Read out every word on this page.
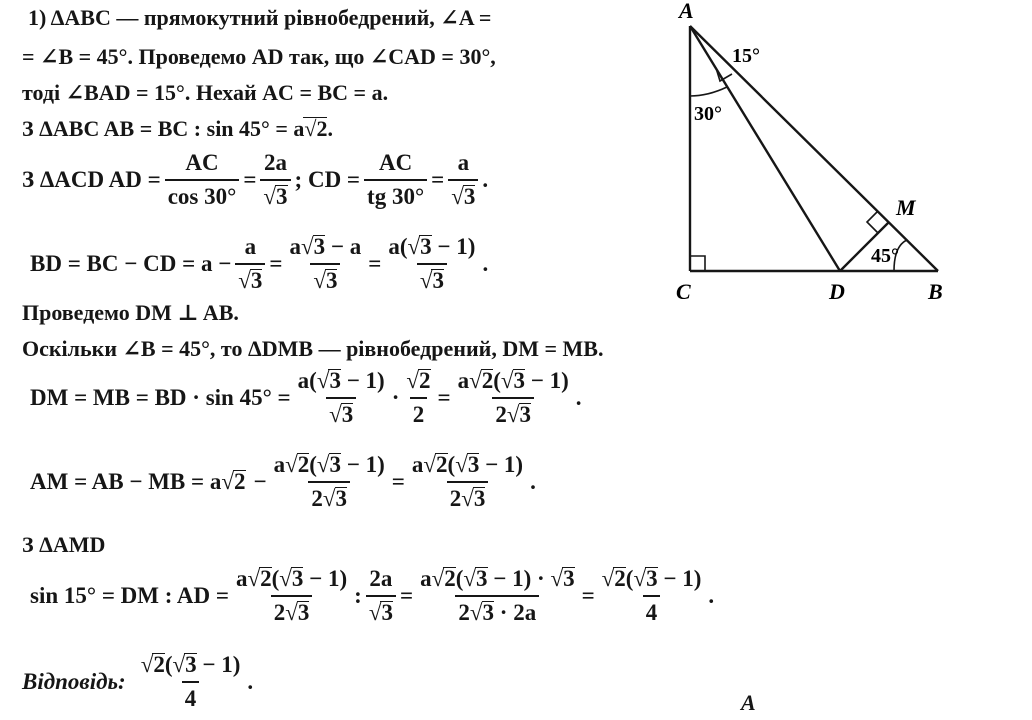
1) ΔABC — прямокутний рівнобедрений, ∠A =
= ∠B = 45°. Проведемо AD так, що ∠CAD = 30°,
тоді ∠BAD = 15°. Нехай AC = BC = a.
З ΔABC AB = BC : sin 45° = a√2.
З ΔACD AD = $\frac{AC}{\cos 30^\circ} = \frac{2a}{√3}$ ; CD = $\frac{AC}{tg 30^\circ} = \frac{a}{√3}$ .
BD = BC − CD = $a - \frac{a}{√3} = \frac{a√3 - a}{√3} = \frac{a(√3 - 1)}{√3}$ .
Проведемо DM ⊥ AB.
Оскільки ∠B = 45°, то ΔDMB — рівнобедрений, DM = MB.
DM = MB = BD · $\sin 45^\circ = \frac{a(√3 - 1)}{√3} \cdot \frac{√2}{2} = \frac{a√2(√3 - 1)}{2√3}$ .
AM = AB − MB = a $√2 - \frac{a√2(√3 - 1)}{2√3} = \frac{a√2(√3 - 1)}{2√3}$ .
З ΔAMD
sin 15° = DM : AD = $\frac{a√2(√3 - 1)}{2√3}$ : $\frac{2a}{√3} = \frac{a√2(√3 - 1) \cdot √3}{2√3 \cdot 2a} = \frac{√2(√3 - 1)}{4}$ .
Відповідь: $\frac{√2(√3 - 1)}{4}$ .
A
C	D	B
M
15°
30°
45°
A
